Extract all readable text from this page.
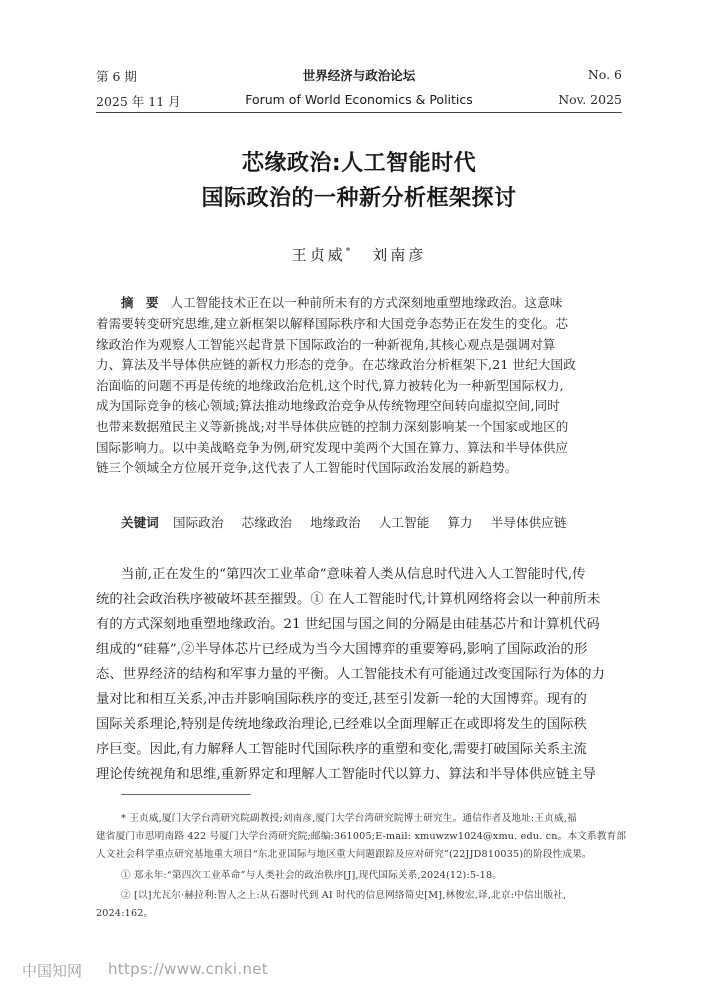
第 6 期
2025 年 11 月
世界经济与政治论坛
Forum of World Economics & Politics
No. 6
Nov. 2025
芯缘政治:人工智能时代
国际政治的一种新分析框架探讨
王贞威* 刘南彦
摘 要 人工智能技术正在以一种前所未有的方式深刻地重塑地缘政治。这意味
着需要转变研究思维,建立新框架以解释国际秩序和大国竞争态势正在发生的变化。芯
缘政治作为观察人工智能兴起背景下国际政治的一种新视角,其核心观点是强调对算
力、算法及半导体供应链的新权力形态的竞争。在芯缘政治分析框架下,21 世纪大国政
治面临的问题不再是传统的地缘政治危机,这个时代,算力被转化为一种新型国际权力,
成为国际竞争的核心领域;算法推动地缘政治竞争从传统物理空间转向虚拟空间,同时
也带来数据殖民主义等新挑战;对半导体供应链的控制力深刻影响某一个国家或地区的
国际影响力。以中美战略竞争为例,研究发现中美两个大国在算力、算法和半导体供应
链三个领域全方位展开竞争,这代表了人工智能时代国际政治发展的新趋势。
关键词 国际政治 芯缘政治 地缘政治 人工智能 算力 半导体供应链
当前,正在发生的“第四次工业革命”意味着人类从信息时代进入人工智能时代,传
统的社会政治秩序被破坏甚至摧毁。① 在人工智能时代,计算机网络将会以一种前所未
有的方式深刻地重塑地缘政治。21 世纪国与国之间的分隔是由硅基芯片和计算机代码
组成的“硅幕”,②半导体芯片已经成为当今大国博弈的重要筹码,影响了国际政治的形
态、世界经济的结构和军事力量的平衡。人工智能技术有可能通过改变国际行为体的力
量对比和相互关系,冲击并影响国际秩序的变迁,甚至引发新一轮的大国博弈。现有的
国际关系理论,特别是传统地缘政治理论,已经难以全面理解正在或即将发生的国际秩
序巨变。因此,有力解释人工智能时代国际秩序的重塑和变化,需要打破国际关系主流
理论传统视角和思维,重新界定和理解人工智能时代以算力、算法和半导体供应链主导
* 王贞威,厦门大学台湾研究院副教授;刘南彦,厦门大学台湾研究院博士研究生。通信作者及地址:王贞威,福
建省厦门市思明南路 422 号厦门大学台湾研究院;邮编:361005;E-mail: xmuwzw1024@xmu. edu. cn。本文系教育部
人文社会科学重点研究基地重大项目“东北亚国际与地区重大问题跟踪及应对研究”(22JJD810035)的阶段性成果。
① 郑永年:“第四次工业革命”与人类社会的政治秩序[J],现代国际关系,2024(12):5-18。
② [以]尤瓦尔·赫拉利:智人之上:从石器时代到 AI 时代的信息网络简史[M],林俊宏,译,北京:中信出版社,
2024:162。
中国知网 https://www.cnki.net
